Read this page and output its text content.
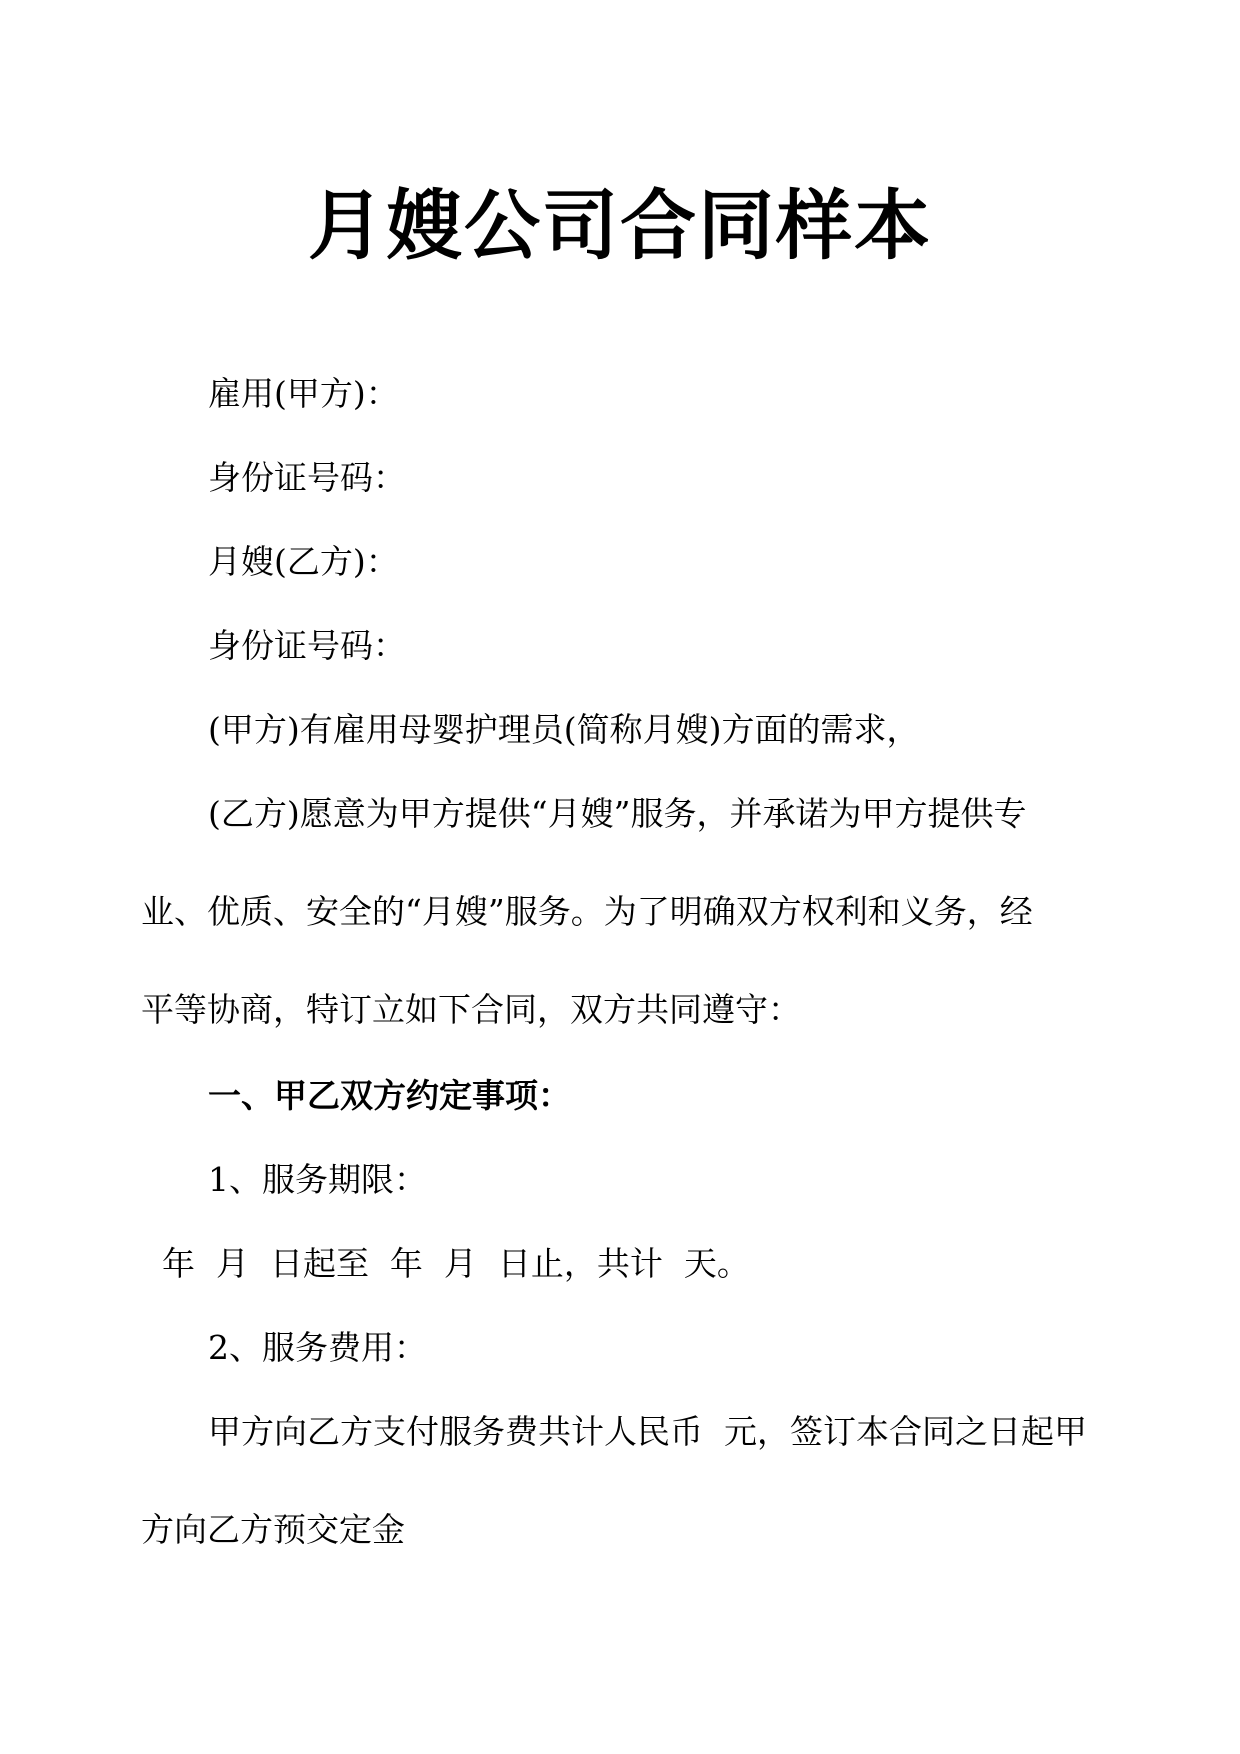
月嫂公司合同样本
雇用(甲方)：
身份证号码：
月嫂(乙方)：
身份证号码：
(甲方)有雇用母婴护理员(简称月嫂)方面的需求，
(乙方)愿意为甲方提供“月嫂”服务，并承诺为甲方提供专
业、优质、安全的“月嫂”服务。为了明确双方权利和义务，经
平等协商，特订立如下合同，双方共同遵守：
一、甲乙双方约定事项：
1、服务期限：
年  月  日起至  年  月  日止，共计  天。
2、服务费用：
甲方向乙方支付服务费共计人民币  元，签订本合同之日起甲
方向乙方预交定金
